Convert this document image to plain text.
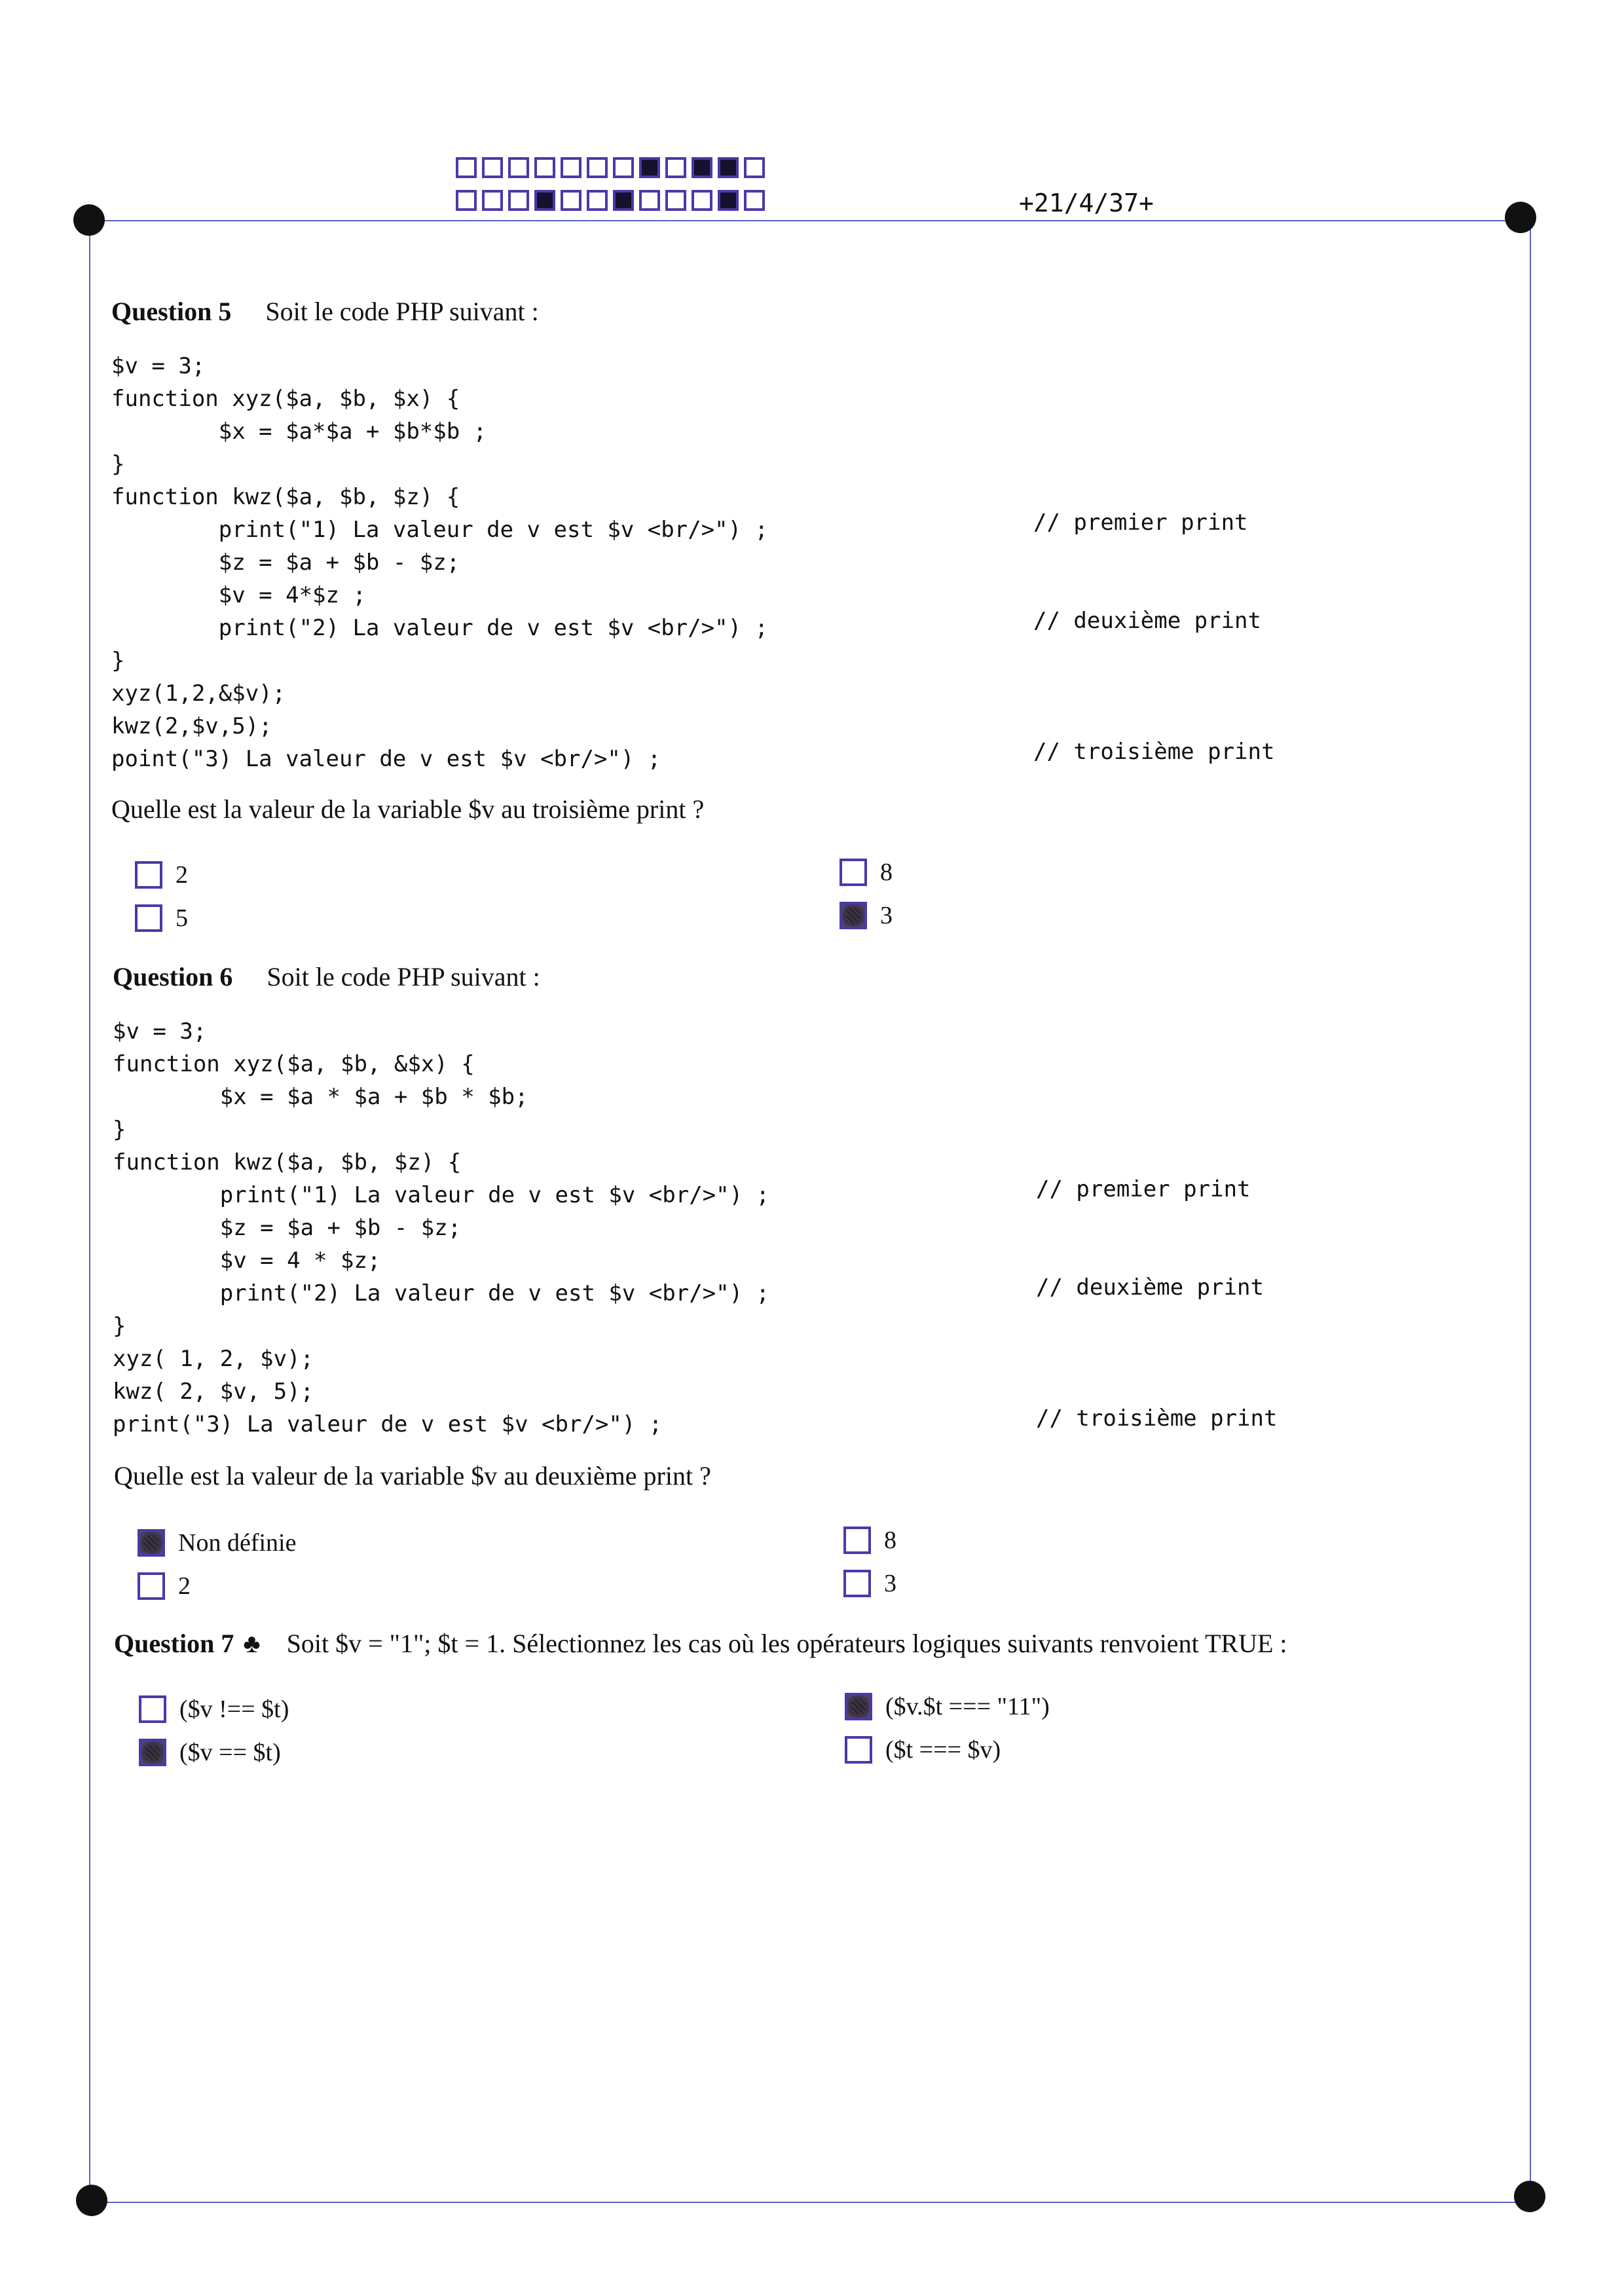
+21/4/37+
Question 5 Soit le code PHP suivant :
$v = 3;
function xyz($a, $b, $x) {
$x = $a*$a + $b*$b ;
}
function kwz($a, $b, $z) {
print("1) La valeur de v est $v <br/>") ;
$z = $a + $b - $z;
$v = 4*$z ;
print("2) La valeur de v est $v <br/>") ;
}
xyz(1,2,&$v);
kwz(2,$v,5);
point("3) La valeur de v est $v <br/>") ;
// premier print
// deuxième print
// troisième print
Quelle est la valeur de la variable $v au troisième print ?
2	8
5	3
Question 6 Soit le code PHP suivant :
$v = 3;
function xyz($a, $b, &$x) {
$x = $a * $a + $b * $b;
}
function kwz($a, $b, $z) {
print("1) La valeur de v est $v <br/>") ;
$z = $a + $b - $z;
$v = 4 * $z;
print("2) La valeur de v est $v <br/>") ;
}
xyz( 1, 2, $v);
kwz( 2, $v, 5);
print("3) La valeur de v est $v <br/>") ;
// premier print
// deuxième print
// troisième print
Quelle est la valeur de la variable $v au deuxième print ?
Non définie	8
2	3
Question 7 ♣ Soit $v = "1"; $t = 1. Sélectionnez les cas où les opérateurs logiques suivants renvoient TRUE :
($v !== $t)	($v.$t === "11")
($v == $t)	($t === $v)
